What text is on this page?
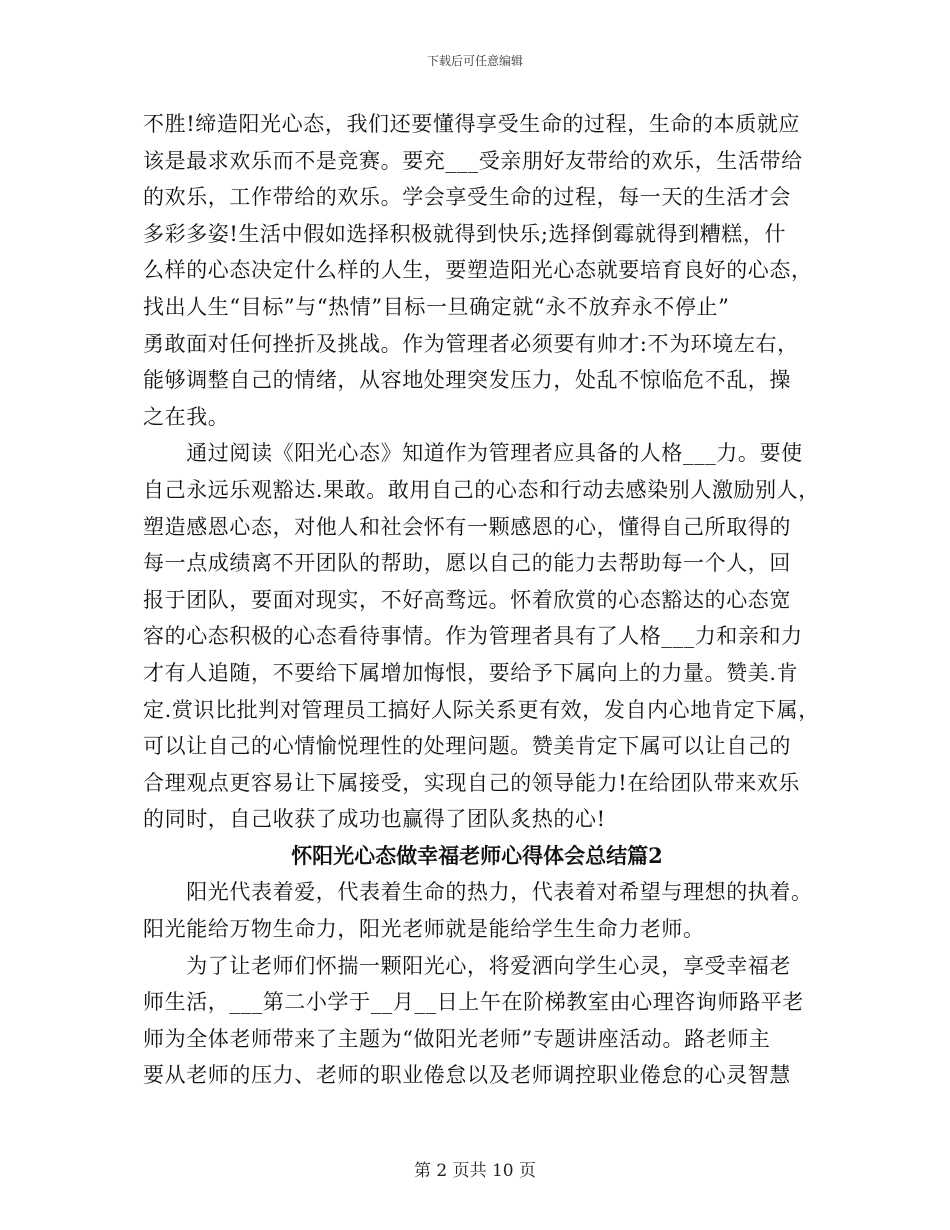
下载后可任意编辑
不胜!缔造阳光心态，我们还要懂得享受生命的过程，生命的本质就应
该是最求欢乐而不是竞赛。要充___受亲朋好友带给的欢乐，生活带给
的欢乐，工作带给的欢乐。学会享受生命的过程，每一天的生活才会
多彩多姿!生活中假如选择积极就得到快乐;选择倒霉就得到糟糕，什
么样的心态决定什么样的人生，要塑造阳光心态就要培育良好的心态，
找出人生“目标”与“热情”目标一旦确定就“永不放弃永不停止”
勇敢面对任何挫折及挑战。作为管理者必须要有帅才:不为环境左右，
能够调整自己的情绪，从容地处理突发压力，处乱不惊临危不乱，操
之在我。
　　通过阅读《阳光心态》知道作为管理者应具备的人格___力。要使
自己永远乐观豁达.果敢。敢用自己的心态和行动去感染别人激励别人，
塑造感恩心态，对他人和社会怀有一颗感恩的心，懂得自己所取得的
每一点成绩离不开团队的帮助，愿以自己的能力去帮助每一个人，回
报于团队，要面对现实，不好高骛远。怀着欣赏的心态豁达的心态宽
容的心态积极的心态看待事情。作为管理者具有了人格___力和亲和力
才有人追随，不要给下属增加悔恨，要给予下属向上的力量。赞美.肯
定.赏识比批判对管理员工搞好人际关系更有效，发自内心地肯定下属，
可以让自己的心情愉悦理性的处理问题。赞美肯定下属可以让自己的
合理观点更容易让下属接受，实现自己的领导能力!在给团队带来欢乐
的同时，自己收获了成功也赢得了团队炙热的心!
怀阳光心态做幸福老师心得体会总结篇2
　　阳光代表着爱，代表着生命的热力，代表着对希望与理想的执着。
阳光能给万物生命力，阳光老师就是能给学生生命力老师。
　　为了让老师们怀揣一颗阳光心，将爱洒向学生心灵，享受幸福老
师生活，___第二小学于__月__日上午在阶梯教室由心理咨询师路平老
师为全体老师带来了主题为“做阳光老师”专题讲座活动。路老师主
要从老师的压力、老师的职业倦怠以及老师调控职业倦怠的心灵智慧
第 2 页共 10 页
